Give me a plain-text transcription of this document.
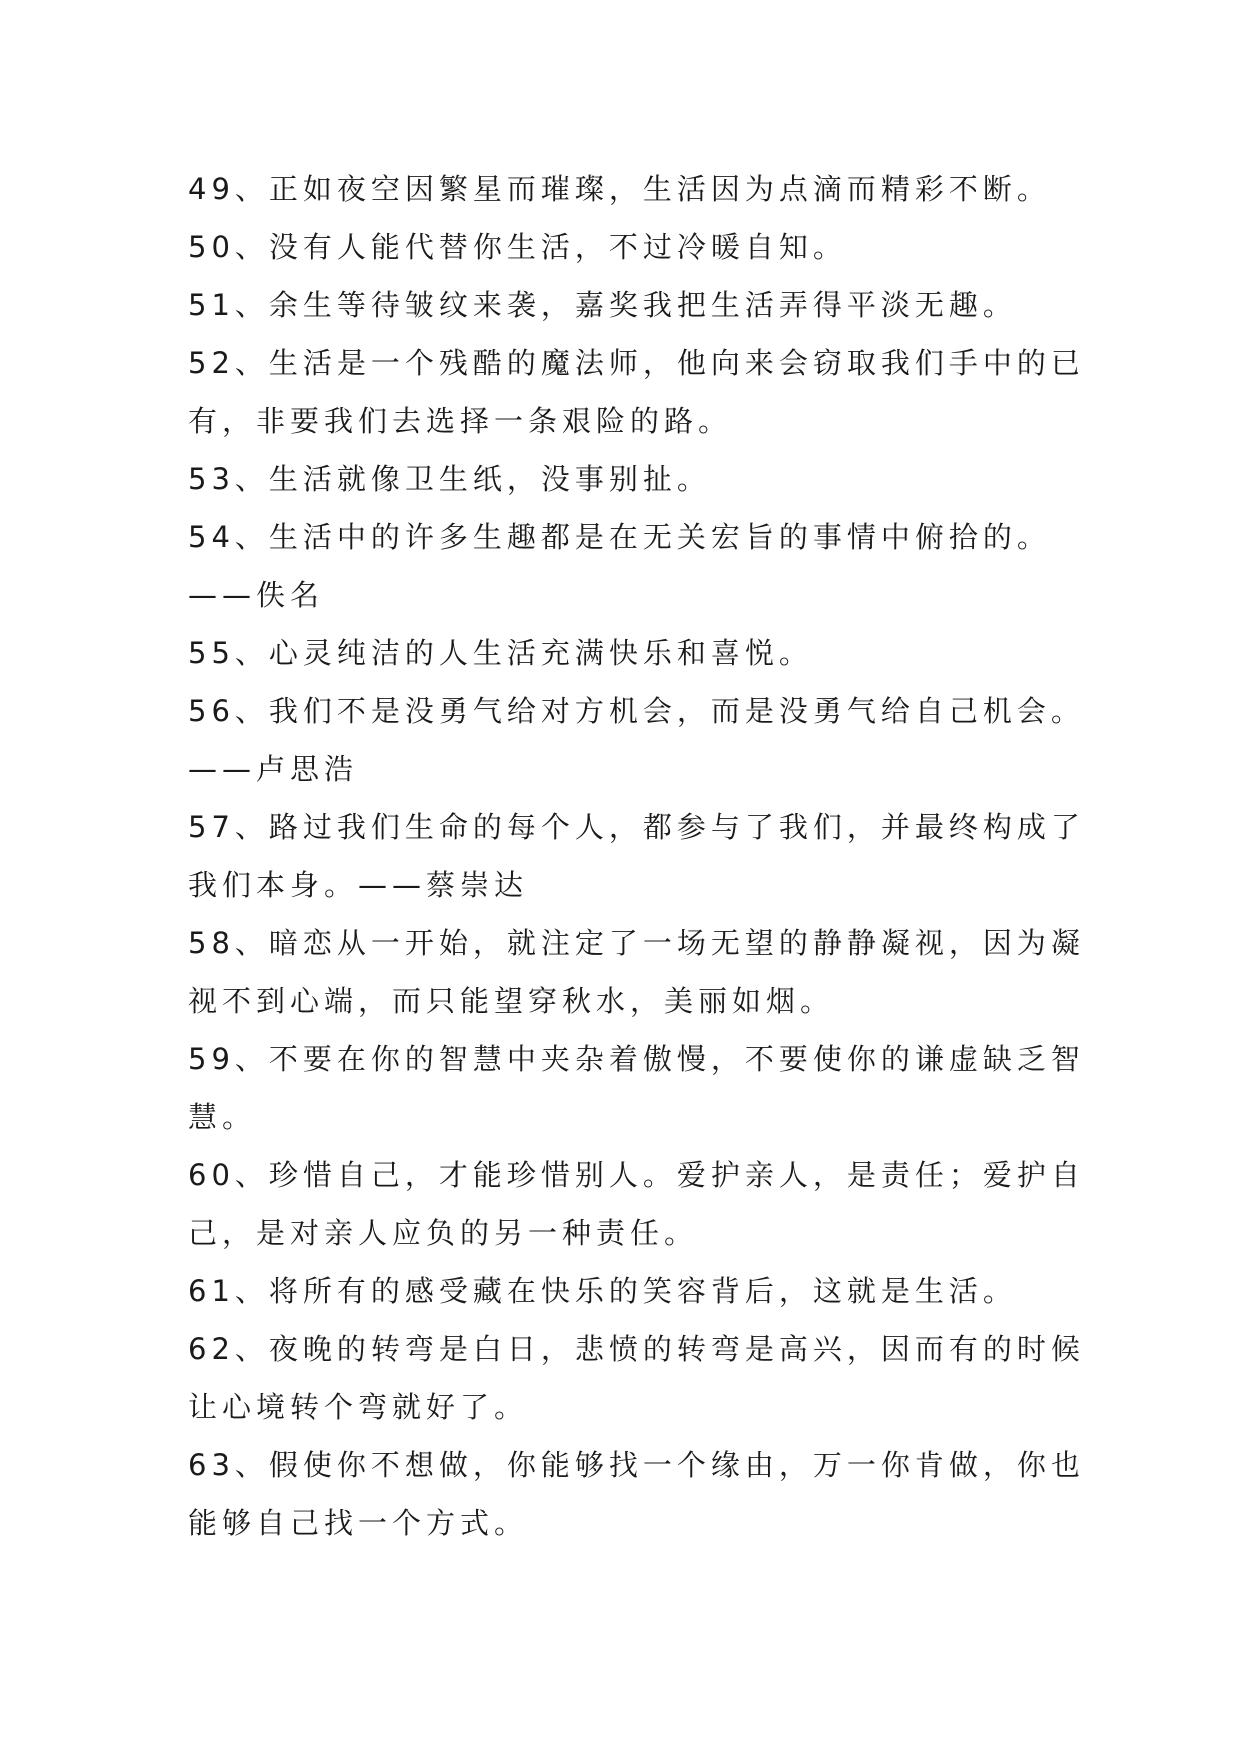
49、正如夜空因繁星而璀璨，生活因为点滴而精彩不断。
50、没有人能代替你生活，不过冷暖自知。
51、余生等待皱纹来袭，嘉奖我把生活弄得平淡无趣。
52、生活是一个残酷的魔法师，他向来会窃取我们手中的已
有，非要我们去选择一条艰险的路。
53、生活就像卫生纸，没事别扯。
54、生活中的许多生趣都是在无关宏旨的事情中俯拾的。
——佚名
55、心灵纯洁的人生活充满快乐和喜悦。
56、我们不是没勇气给对方机会，而是没勇气给自己机会。
——卢思浩
57、路过我们生命的每个人，都参与了我们，并最终构成了
我们本身。——蔡崇达
58、暗恋从一开始，就注定了一场无望的静静凝视，因为凝
视不到心端，而只能望穿秋水，美丽如烟。
59、不要在你的智慧中夹杂着傲慢，不要使你的谦虚缺乏智
慧。
60、珍惜自己，才能珍惜别人。爱护亲人，是责任；爱护自
己，是对亲人应负的另一种责任。
61、将所有的感受藏在快乐的笑容背后，这就是生活。
62、夜晚的转弯是白日，悲愤的转弯是高兴，因而有的时候
让心境转个弯就好了。
63、假使你不想做，你能够找一个缘由，万一你肯做，你也
能够自己找一个方式。
